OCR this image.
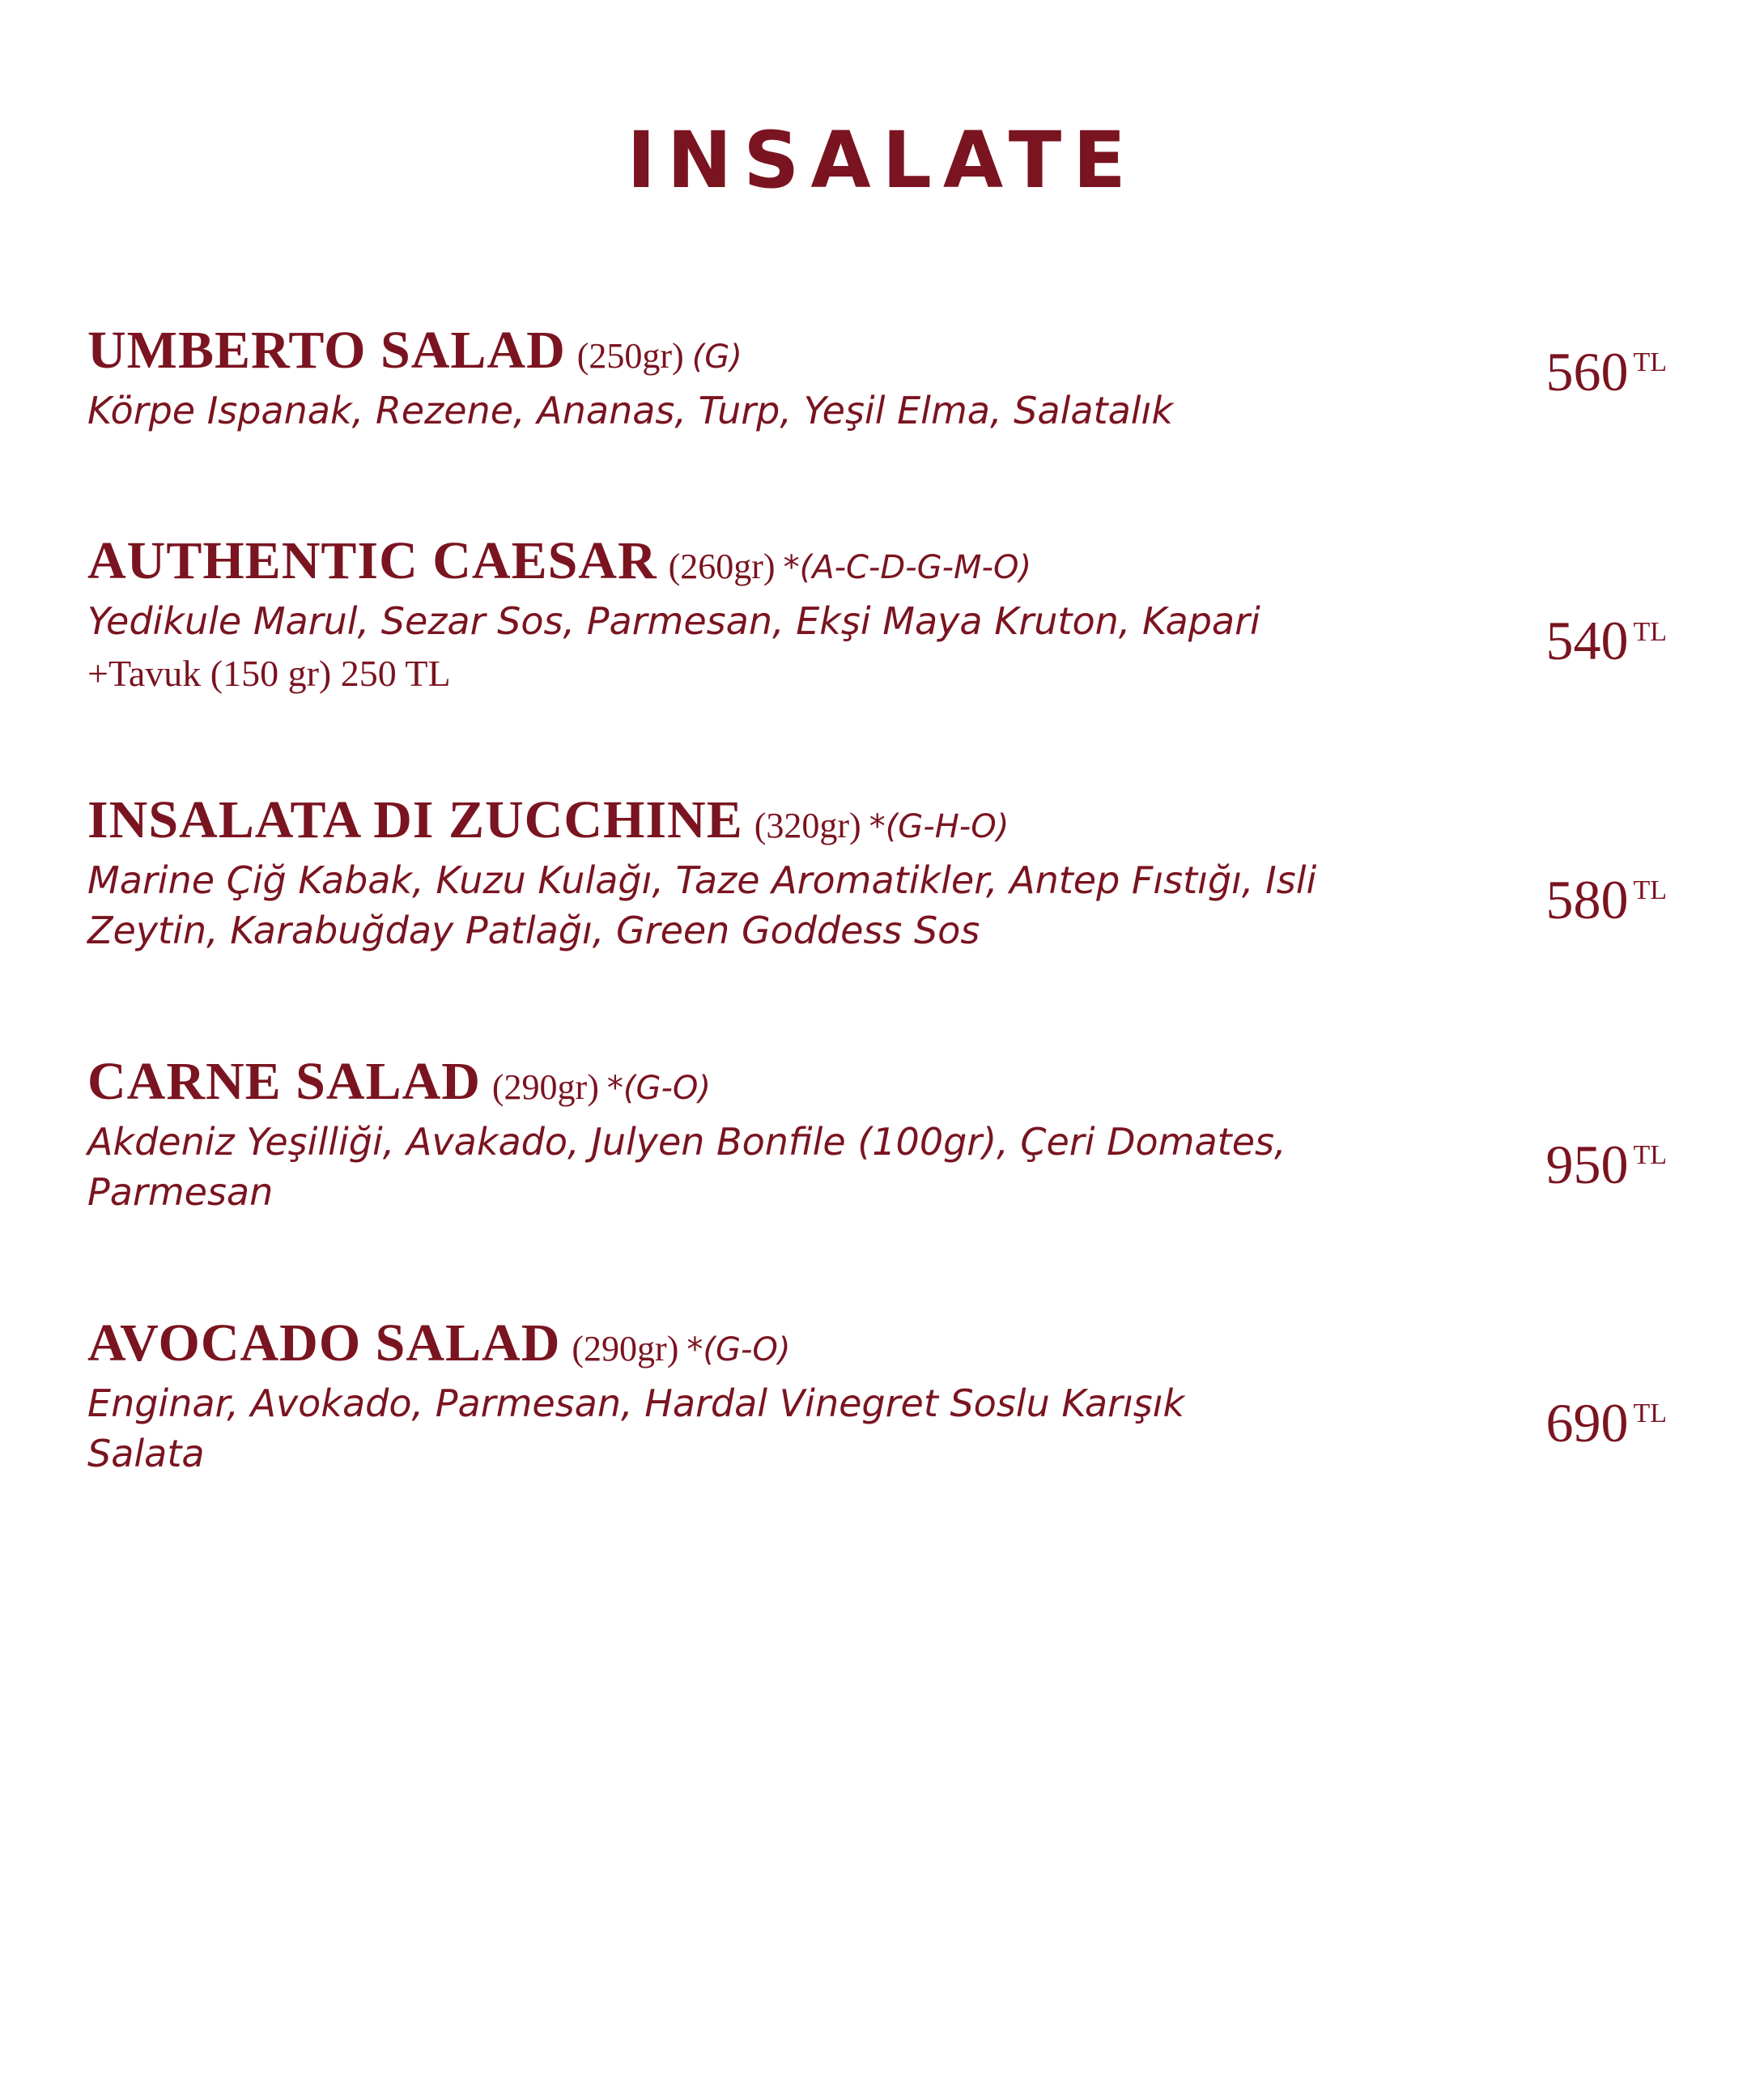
INSALATE
UMBERTO SALAD (250gr) (G)

Körpe Ispanak, Rezene, Ananas, Turp, Yeşil Elma, Salatalık

560 $^{TL}$
AUTHENTIC CAESAR (260gr) *(A-C-D-G-M-O)

Yedikule Marul, Sezar Sos, Parmesan, Ekşi Maya Kruton, Kapari

+Tavuk (150 gr) 250 TL
540 $^{TL}$
INSALATA DI ZUCCHINE (320gr) *(G-H-O)

Marine Çiğ Kabak, Kuzu Kulağı, Taze Aromatikler, Antep Fıstığı, Isli Zeytin, Karabuğday Patlağı, Green Goddess Sos

580 $^{TL}$
CARNE SALAD (290gr) *(G-O)

Akdeniz Yeşilliği, Avakado, Julyen Bonfile (100gr), Çeri Domates, Parmesan	950 $^{TL}$
AVOCADO SALAD (290gr) *(G-O)

Enginar, Avokado, Parmesan, Hardal Vinegret Soslu Karışık Salata

690 $^{TL}$
